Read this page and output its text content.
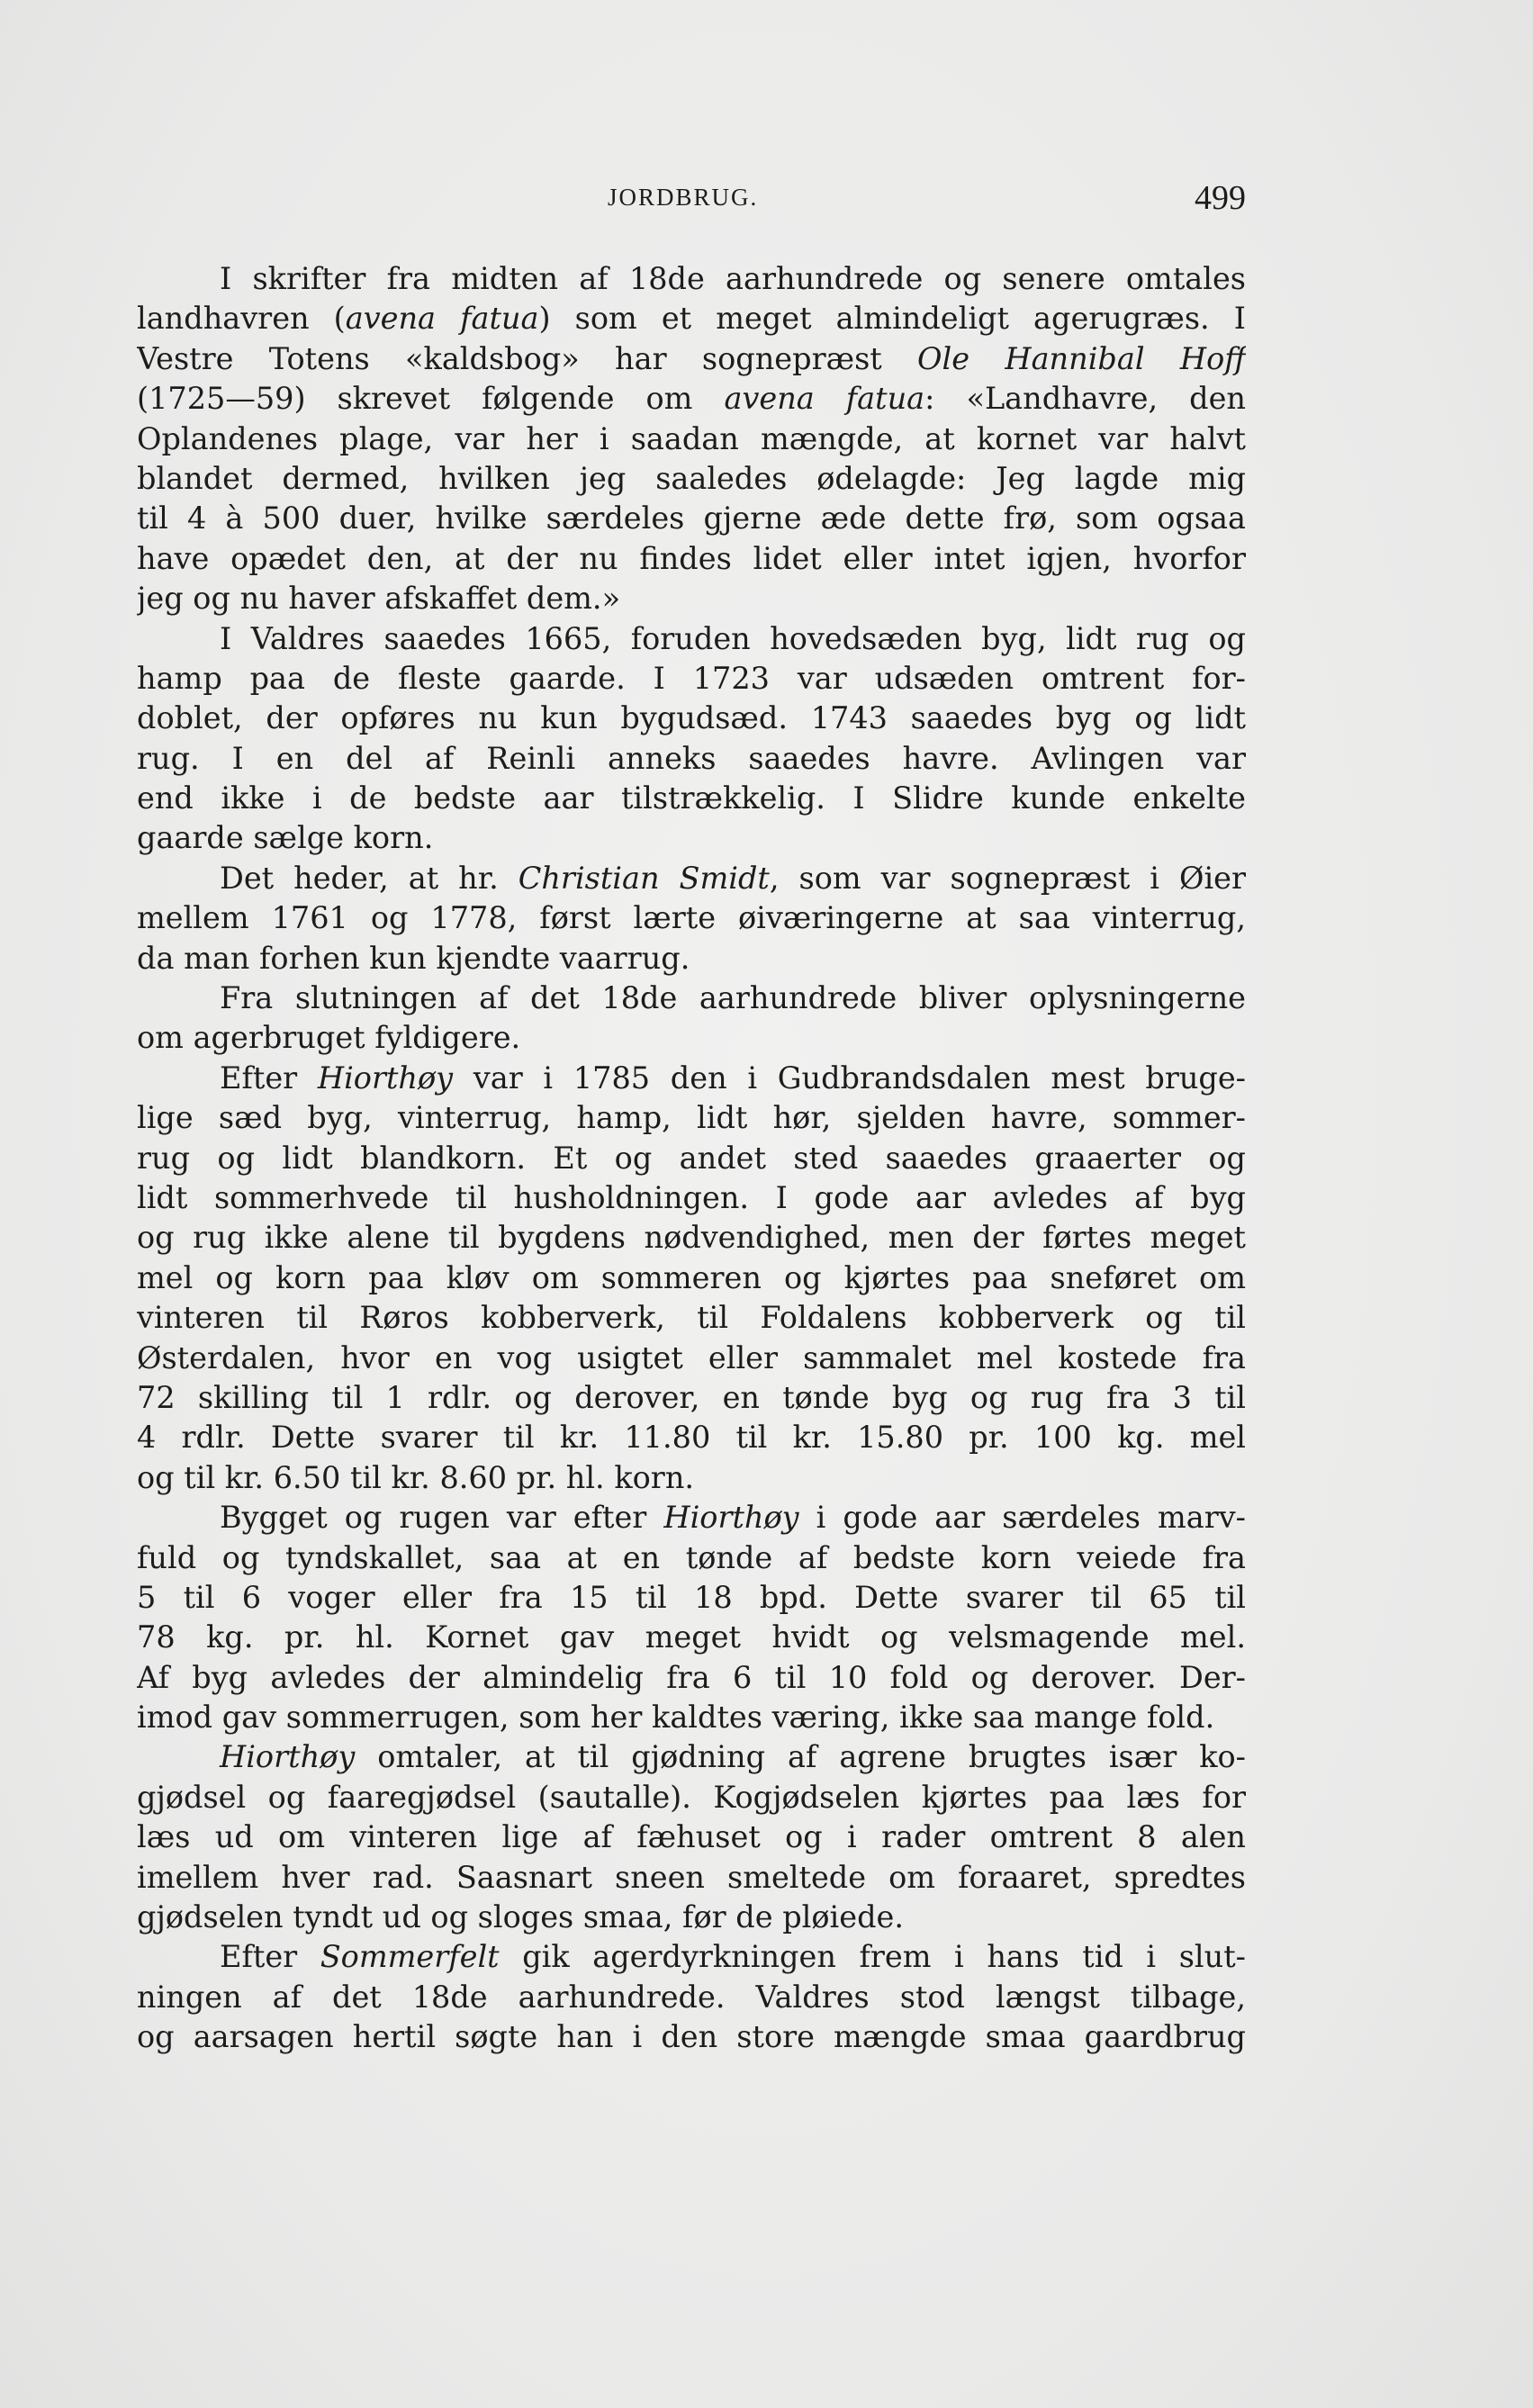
JORDBRUG.	499
I skrifter fra midten af 18de aarhundrede og senere omtales
landhavren (avena fatua) som et meget almindeligt agerugræs. I
Vestre Totens «kaldsbog» har sognepræst Ole Hannibal Hoff
(1725—59) skrevet følgende om avena fatua: «Landhavre, den
Oplandenes plage, var her i saadan mængde, at kornet var halvt
blandet dermed, hvilken jeg saaledes ødelagde: Jeg lagde mig
til 4 à 500 duer, hvilke særdeles gjerne æde dette frø, som ogsaa
have opædet den, at der nu findes lidet eller intet igjen, hvorfor
jeg og nu haver afskaffet dem.»
I Valdres saaedes 1665, foruden hovedsæden byg, lidt rug og
hamp paa de fleste gaarde. I 1723 var udsæden omtrent for-
doblet, der opføres nu kun bygudsæd. 1743 saaedes byg og lidt
rug. I en del af Reinli anneks saaedes havre. Avlingen var
end ikke i de bedste aar tilstrækkelig. I Slidre kunde enkelte
gaarde sælge korn.
Det heder, at hr. Christian Smidt, som var sognepræst i Øier
mellem 1761 og 1778, først lærte øiværingerne at saa vinterrug,
da man forhen kun kjendte vaarrug.
Fra slutningen af det 18de aarhundrede bliver oplysningerne
om agerbruget fyldigere.
Efter Hiorthøy var i 1785 den i Gudbrandsdalen mest bruge-
lige sæd byg, vinterrug, hamp, lidt hør, sjelden havre, sommer-
rug og lidt blandkorn. Et og andet sted saaedes graaerter og
lidt sommerhvede til husholdningen. I gode aar avledes af byg
og rug ikke alene til bygdens nødvendighed, men der førtes meget
mel og korn paa kløv om sommeren og kjørtes paa sneføret om
vinteren til Røros kobberverk, til Foldalens kobberverk og til
Østerdalen, hvor en vog usigtet eller sammalet mel kostede fra
72 skilling til 1 rdlr. og derover, en tønde byg og rug fra 3 til
4 rdlr. Dette svarer til kr. 11.80 til kr. 15.80 pr. 100 kg. mel
og til kr. 6.50 til kr. 8.60 pr. hl. korn.
Bygget og rugen var efter Hiorthøy i gode aar særdeles marv-
fuld og tyndskallet, saa at en tønde af bedste korn veiede fra
5 til 6 voger eller fra 15 til 18 bpd. Dette svarer til 65 til
78 kg. pr. hl. Kornet gav meget hvidt og velsmagende mel.
Af byg avledes der almindelig fra 6 til 10 fold og derover. Der-
imod gav sommerrugen, som her kaldtes væring, ikke saa mange fold.
Hiorthøy omtaler, at til gjødning af agrene brugtes især ko-
gjødsel og faaregjødsel (sautalle). Kogjødselen kjørtes paa læs for
læs ud om vinteren lige af fæhuset og i rader omtrent 8 alen
imellem hver rad. Saasnart sneen smeltede om foraaret, spredtes
gjødselen tyndt ud og sloges smaa, før de pløiede.
Efter Sommerfelt gik agerdyrkningen frem i hans tid i slut-
ningen af det 18de aarhundrede. Valdres stod længst tilbage,
og aarsagen hertil søgte han i den store mængde smaa gaardbrug
